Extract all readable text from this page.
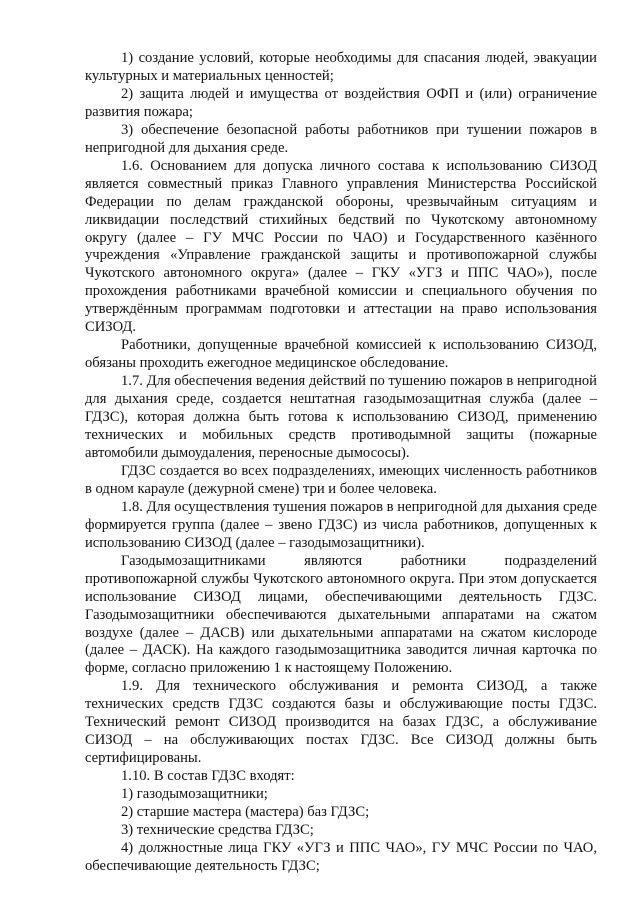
1) создание условий, которые необходимы для спасания людей, эвакуации культурных и материальных ценностей;

2) защита людей и имущества от воздействия ОФП и (или) ограничение развития пожара;

3) обеспечение безопасной работы работников при тушении пожаров в непригодной для дыхания среде.

1.6. Основанием для допуска личного состава к использованию СИЗОД является совместный приказ Главного управления Министерства Российской Федерации по делам гражданской обороны, чрезвычайным ситуациям и ликвидации последствий стихийных бедствий по Чукотскому автономному округу (далее – ГУ МЧС России по ЧАО) и Государственного казённого учреждения «Управление гражданской защиты и противопожарной службы Чукотского автономного округа» (далее – ГКУ «УГЗ и ППС ЧАО»), после прохождения работниками врачебной комиссии и специального обучения по утверждённым программам подготовки и аттестации на право использования СИЗОД.

Работники, допущенные врачебной комиссией к использованию СИЗОД, обязаны проходить ежегодное медицинское обследование.

1.7. Для обеспечения ведения действий по тушению пожаров в непригодной для дыхания среде, создается нештатная газодымозащитная служба (далее – ГДЗС), которая должна быть готова к использованию СИЗОД, применению технических и мобильных средств противодымной защиты (пожарные автомобили дымоудаления, переносные дымососы).

ГДЗС создается во всех подразделениях, имеющих численность работников в одном карауле (дежурной смене) три и более человека.

1.8. Для осуществления тушения пожаров в непригодной для дыхания среде формируется группа (далее – звено ГДЗС) из числа работников, допущенных к использованию СИЗОД (далее – газодымозащитники).

Газодымозащитниками являются работники подразделений противопожарной службы Чукотского автономного округа. При этом допускается использование СИЗОД лицами, обеспечивающими деятельность ГДЗС. Газодымозащитники обеспечиваются дыхательными аппаратами на сжатом воздухе (далее – ДАСВ) или дыхательными аппаратами на сжатом кислороде (далее – ДАСК). На каждого газодымозащитника заводится личная карточка по форме, согласно приложению 1 к настоящему Положению.

1.9. Для технического обслуживания и ремонта СИЗОД, а также технических средств ГДЗС создаются базы и обслуживающие посты ГДЗС. Технический ремонт СИЗОД производится на базах ГДЗС, а обслуживание СИЗОД – на обслуживающих постах ГДЗС. Все СИЗОД должны быть сертифицированы.

1.10. В состав ГДЗС входят:

1) газодымозащитники;

2) старшие мастера (мастера) баз ГДЗС;

3) технические средства ГДЗС;

4) должностные лица ГКУ «УГЗ и ППС ЧАО», ГУ МЧС России по ЧАО, обеспечивающие деятельность ГДЗС;
